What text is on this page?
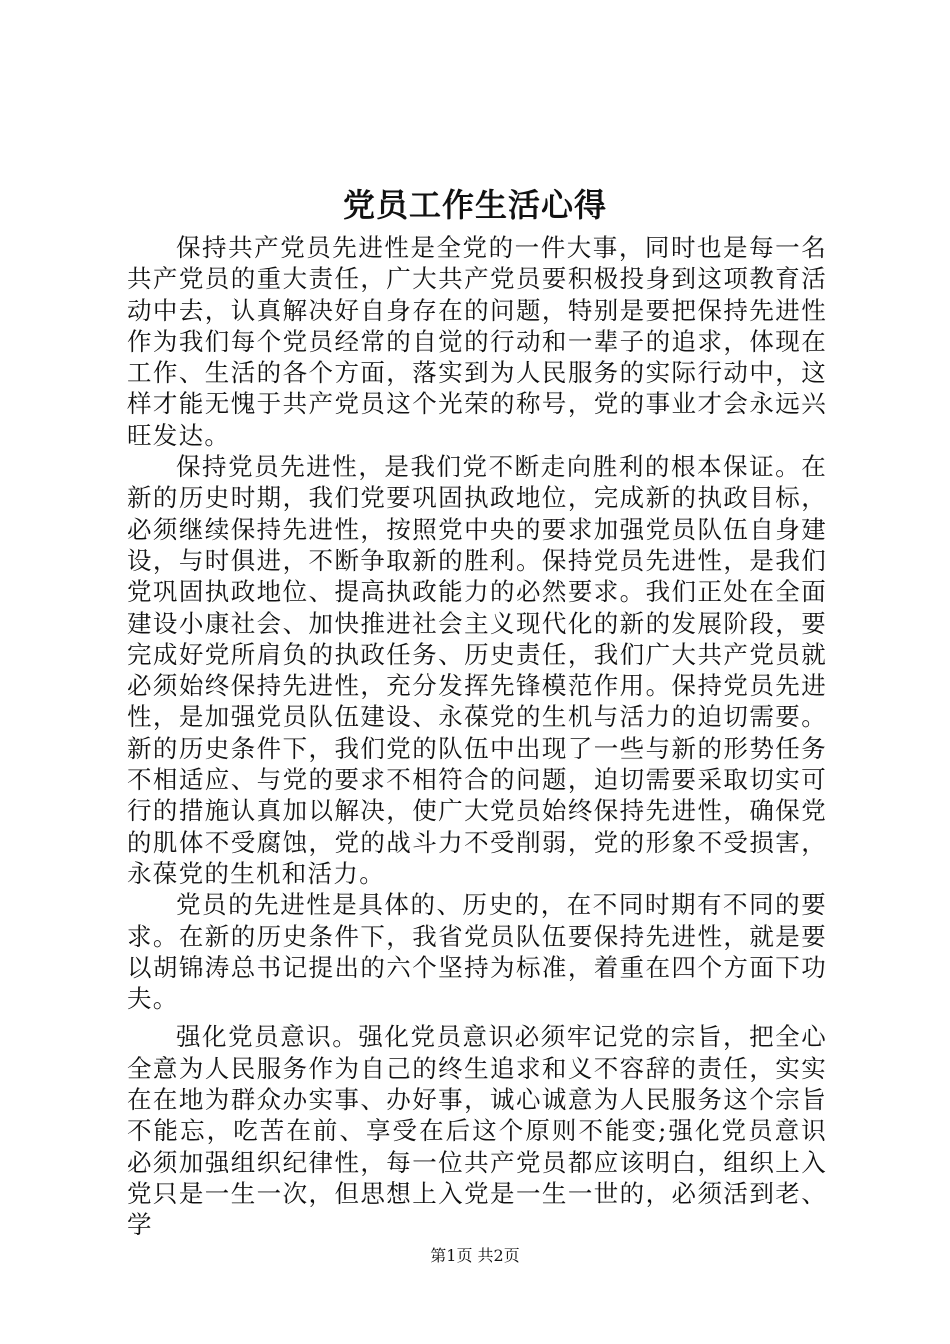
党员工作生活心得

保持共产党员先进性是全党的一件大事，同时也是每一名共产党员的重大责任，广大共产党员要积极投身到这项教育活动中去，认真解决好自身存在的问题，特别是要把保持先进性作为我们每个党员经常的自觉的行动和一辈子的追求，体现在工作、生活的各个方面，落实到为人民服务的实际行动中，这样才能无愧于共产党员这个光荣的称号，党的事业才会永远兴旺发达。

保持党员先进性，是我们党不断走向胜利的根本保证。在新的历史时期，我们党要巩固执政地位，完成新的执政目标，必须继续保持先进性，按照党中央的要求加强党员队伍自身建设，与时俱进，不断争取新的胜利。保持党员先进性，是我们党巩固执政地位、提高执政能力的必然要求。我们正处在全面建设小康社会、加快推进社会主义现代化的新的发展阶段，要完成好党所肩负的执政任务、历史责任，我们广大共产党员就必须始终保持先进性，充分发挥先锋模范作用。保持党员先进性，是加强党员队伍建设、永葆党的生机与活力的迫切需要。新的历史条件下，我们党的队伍中出现了一些与新的形势任务不相适应、与党的要求不相符合的问题，迫切需要采取切实可行的措施认真加以解决，使广大党员始终保持先进性，确保党的肌体不受腐蚀，党的战斗力不受削弱，党的形象不受损害，永葆党的生机和活力。

党员的先进性是具体的、历史的，在不同时期有不同的要求。在新的历史条件下，我省党员队伍要保持先进性，就是要以胡锦涛总书记提出的六个坚持为标准，着重在四个方面下功夫。

强化党员意识。强化党员意识必须牢记党的宗旨，把全心全意为人民服务作为自己的终生追求和义不容辞的责任，实实在在地为群众办实事、办好事，诚心诚意为人民服务这个宗旨不能忘，吃苦在前、享受在后这个原则不能变;强化党员意识必须加强组织纪律性，每一位共产党员都应该明白，组织上入党只是一生一次，但思想上入党是一生一世的，必须活到老、学

第1页 共2页
